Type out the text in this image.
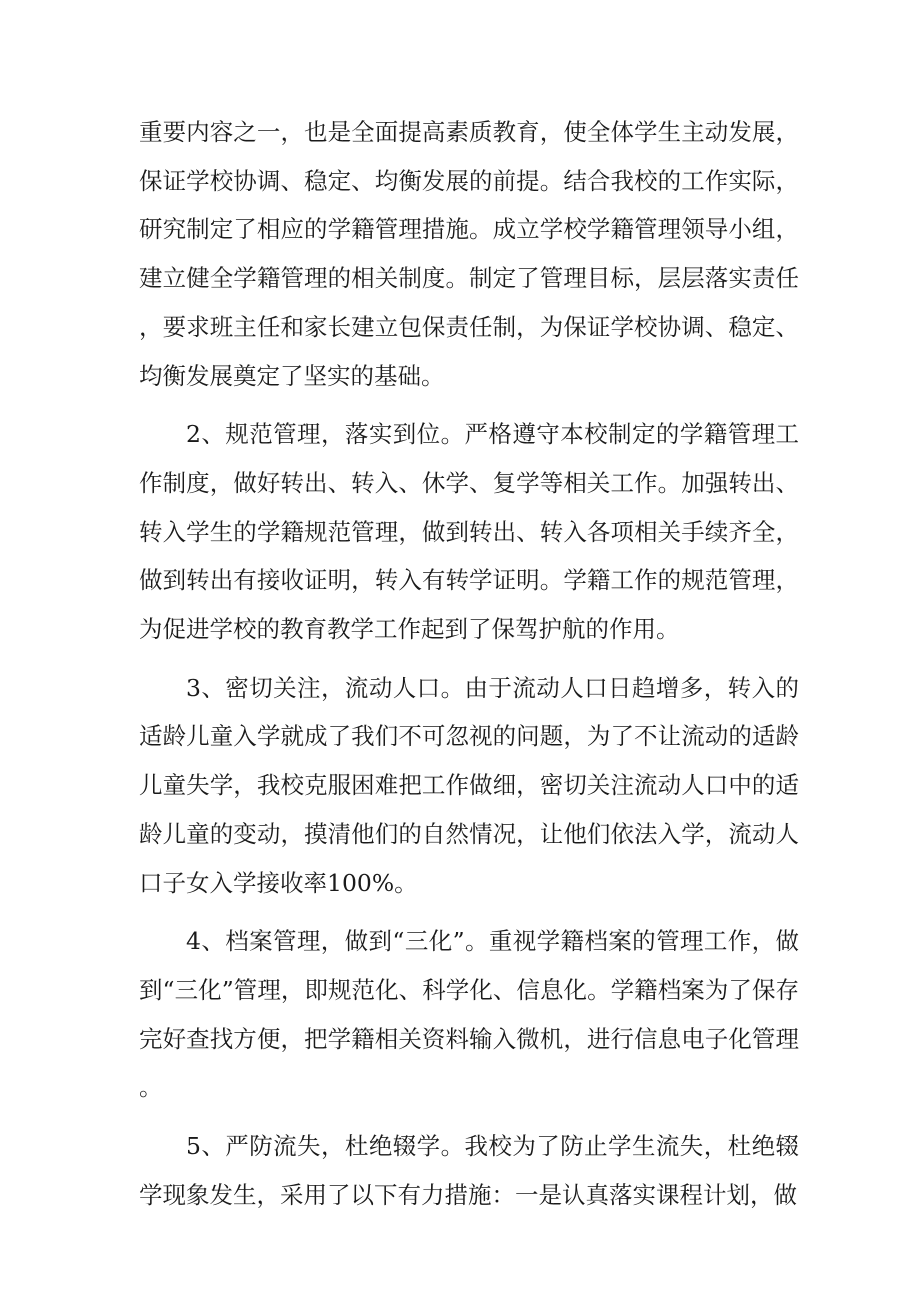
重要内容之一，也是全面提高素质教育，使全体学生主动发展，保证学校协调、稳定、均衡发展的前提。结合我校的工作实际，研究制定了相应的学籍管理措施。成立学校学籍管理领导小组，建立健全学籍管理的相关制度。制定了管理目标，层层落实责任，要求班主任和家长建立包保责任制，为保证学校协调、稳定、均衡发展奠定了坚实的基础。

2、规范管理，落实到位。严格遵守本校制定的学籍管理工作制度，做好转出、转入、休学、复学等相关工作。加强转出、转入学生的学籍规范管理，做到转出、转入各项相关手续齐全，做到转出有接收证明，转入有转学证明。学籍工作的规范管理，为促进学校的教育教学工作起到了保驾护航的作用。

3、密切关注，流动人口。由于流动人口日趋增多，转入的适龄儿童入学就成了我们不可忽视的问题，为了不让流动的适龄儿童失学，我校克服困难把工作做细，密切关注流动人口中的适龄儿童的变动，摸清他们的自然情况，让他们依法入学，流动人口子女入学接收率100%。

4、档案管理，做到“三化”。重视学籍档案的管理工作，做到“三化”管理，即规范化、科学化、信息化。学籍档案为了保存完好查找方便，把学籍相关资料输入微机，进行信息电子化管理。

5、严防流失，杜绝辍学。我校为了防止学生流失，杜绝辍学现象发生，采用了以下有力措施：一是认真落实课程计划，做
